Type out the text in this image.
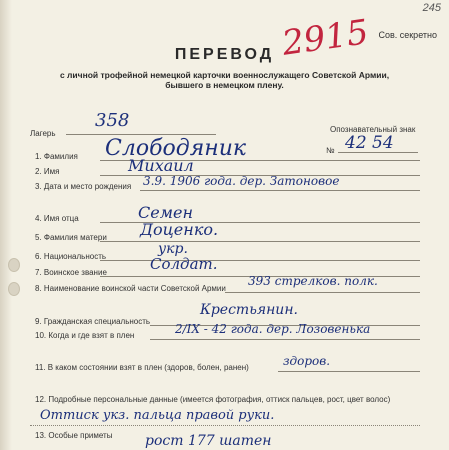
245
Сов. секретно
2915
ПЕРЕВОД
с личной трофейной немецкой карточки военнослужащего Советской Армии,
бывшего в немецком плену.
Лагерь
358	Опознавательный знак
№ 42 54
1. Фамилия Слободяник
2. Имя	Михаил
3. Дата и место рождения 3.9. 1906 года. дер. Затоновое
4. Имя отца	Семен
5. Фамилия матери Доценко.
6. Национальность	укр.
7. Воинское звание	Солдат.
8. Наименование воинской части Советской Армии
393 стрелков. полк.
9. Гражданская специальность
Крестьянин.
10. Когда и где взят в плен	2/IX - 42 года. дер. Лозовенька
11. В каком состоянии взят в плен (здоров, болен, ранен)	здоров.
12. Подробные персональные данные (имеется фотография, оттиск пальцев, рост, цвет волос)
Оттиск укз. пальца правой руки.
13. Особые приметы рост 177 шатен
